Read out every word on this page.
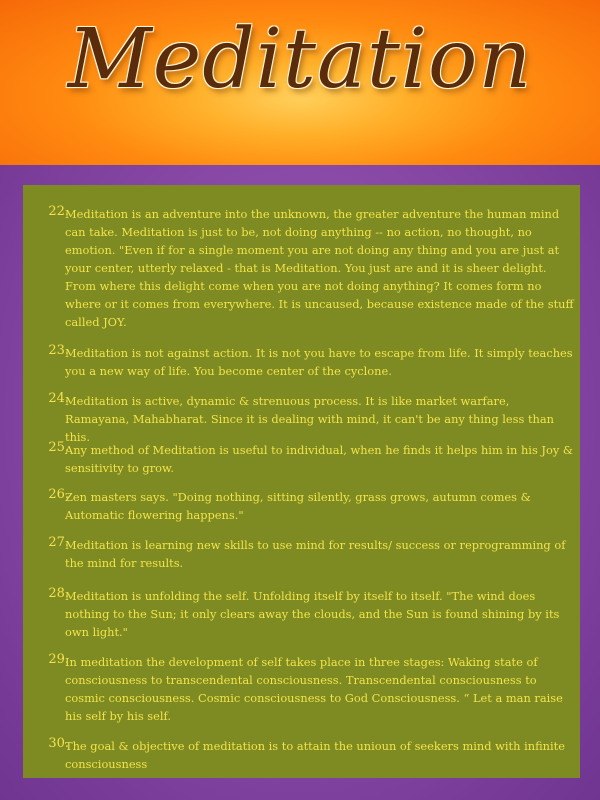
Meditation
22.
Meditation is an adventure into the unknown, the greater adventure the human mind can take. Meditation is just to be, not doing anything -- no action, no thought, no emotion. "Even if for a single moment you are not doing any thing and you are just at your center, utterly relaxed - that is Meditation. You just are and it is sheer delight. From where this delight come when you are not doing anything? It comes form no where or it comes from everywhere. It is uncaused, because existence made of the stuff called JOY.
23.
Meditation is not against action. It is not you have to escape from life. It simply teaches you a new way of life. You become center of the cyclone.
24.
Meditation is active, dynamic & strenuous process. It is like market warfare, Ramayana, Mahabharat. Since it is dealing with mind, it can't be any thing less than this.
25.
Any method of Meditation is useful to individual, when he finds it helps him in his Joy & sensitivity to grow.
26.
Zen masters says. "Doing nothing, sitting silently, grass grows, autumn comes & Automatic flowering happens."
27.
Meditation is learning new skills to use mind for results/ success or reprogramming of the mind for results.
28.
Meditation is unfolding the self. Unfolding itself by itself to itself. "The wind does nothing to the Sun; it only clears away the clouds, and the Sun is found shining by its own light."
29.
In meditation the development of self takes place in three stages: Waking state of consciousness to transcendental consciousness. Transcendental consciousness to cosmic consciousness. Cosmic consciousness to God Consciousness. “ Let a man raise his self by his self.
30.
The goal & objective of meditation is to attain the unioun of seekers mind with infinite consciousness
